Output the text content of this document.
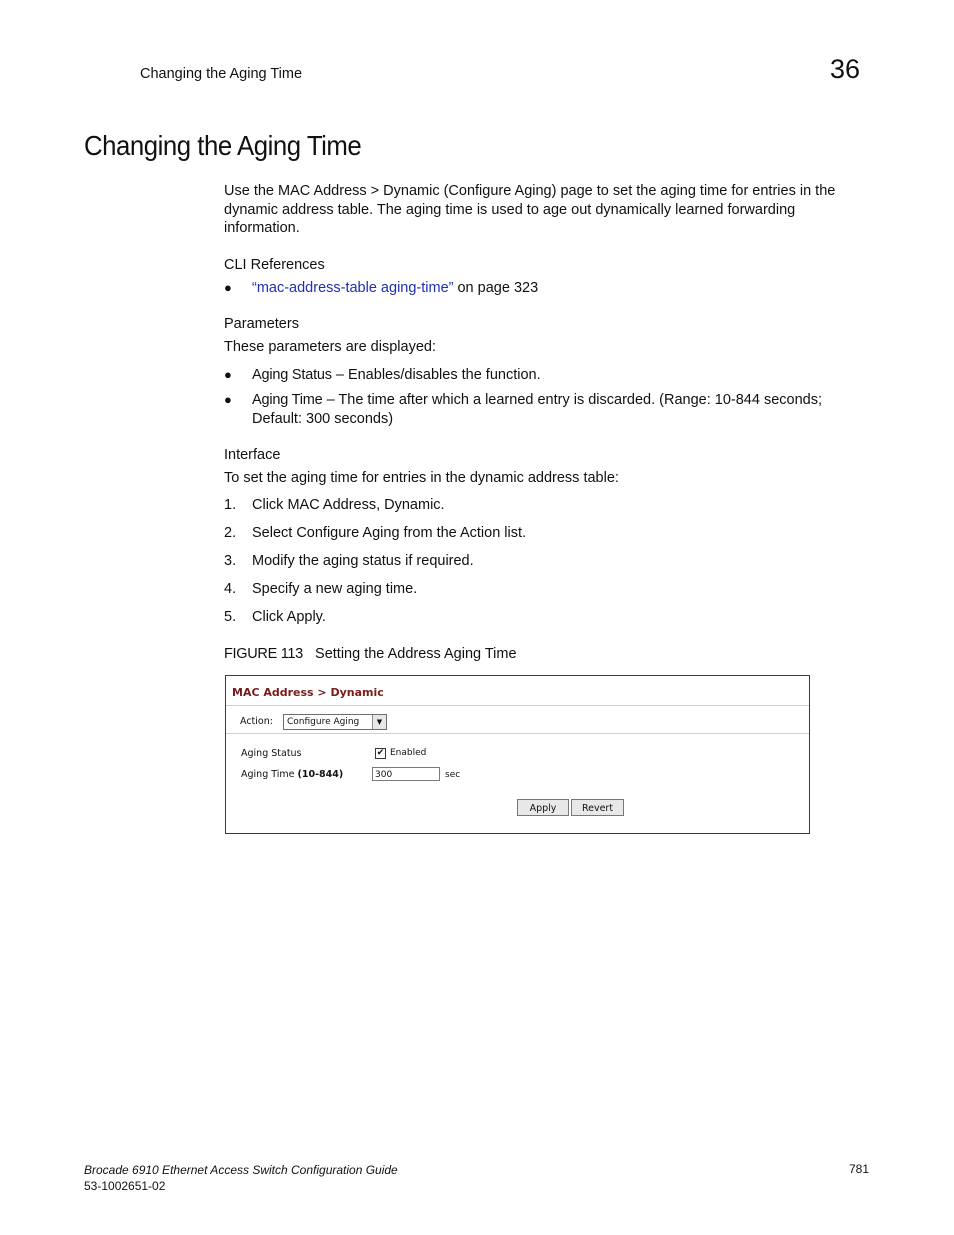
Changing the Aging Time	36
Changing the Aging Time
Use the MAC Address > Dynamic (Configure Aging) page to set the aging time for entries in the dynamic address table. The aging time is used to age out dynamically learned forwarding information.
CLI References
● “mac-address-table aging-time” on page 323
Parameters
These parameters are displayed:
● Aging Status – Enables/disables the function.
● Aging Time – The time after which a learned entry is discarded. (Range: 10-844 seconds;
Default: 300 seconds)
Interface
To set the aging time for entries in the dynamic address table:
1. Click MAC Address, Dynamic.
2. Select Configure Aging from the Action list.
3. Modify the aging status if required.
4. Specify a new aging time.
5. Click Apply.
FIGURE 113 Setting the Address Aging Time
MAC Address > Dynamic
Action: Configure Aging	▼
Aging Status	✔ Enabled
Aging Time (10-844)	300	sec
Apply	Revert
Brocade 6910 Ethernet Access Switch Configuration Guide
53-1002651-02
781
